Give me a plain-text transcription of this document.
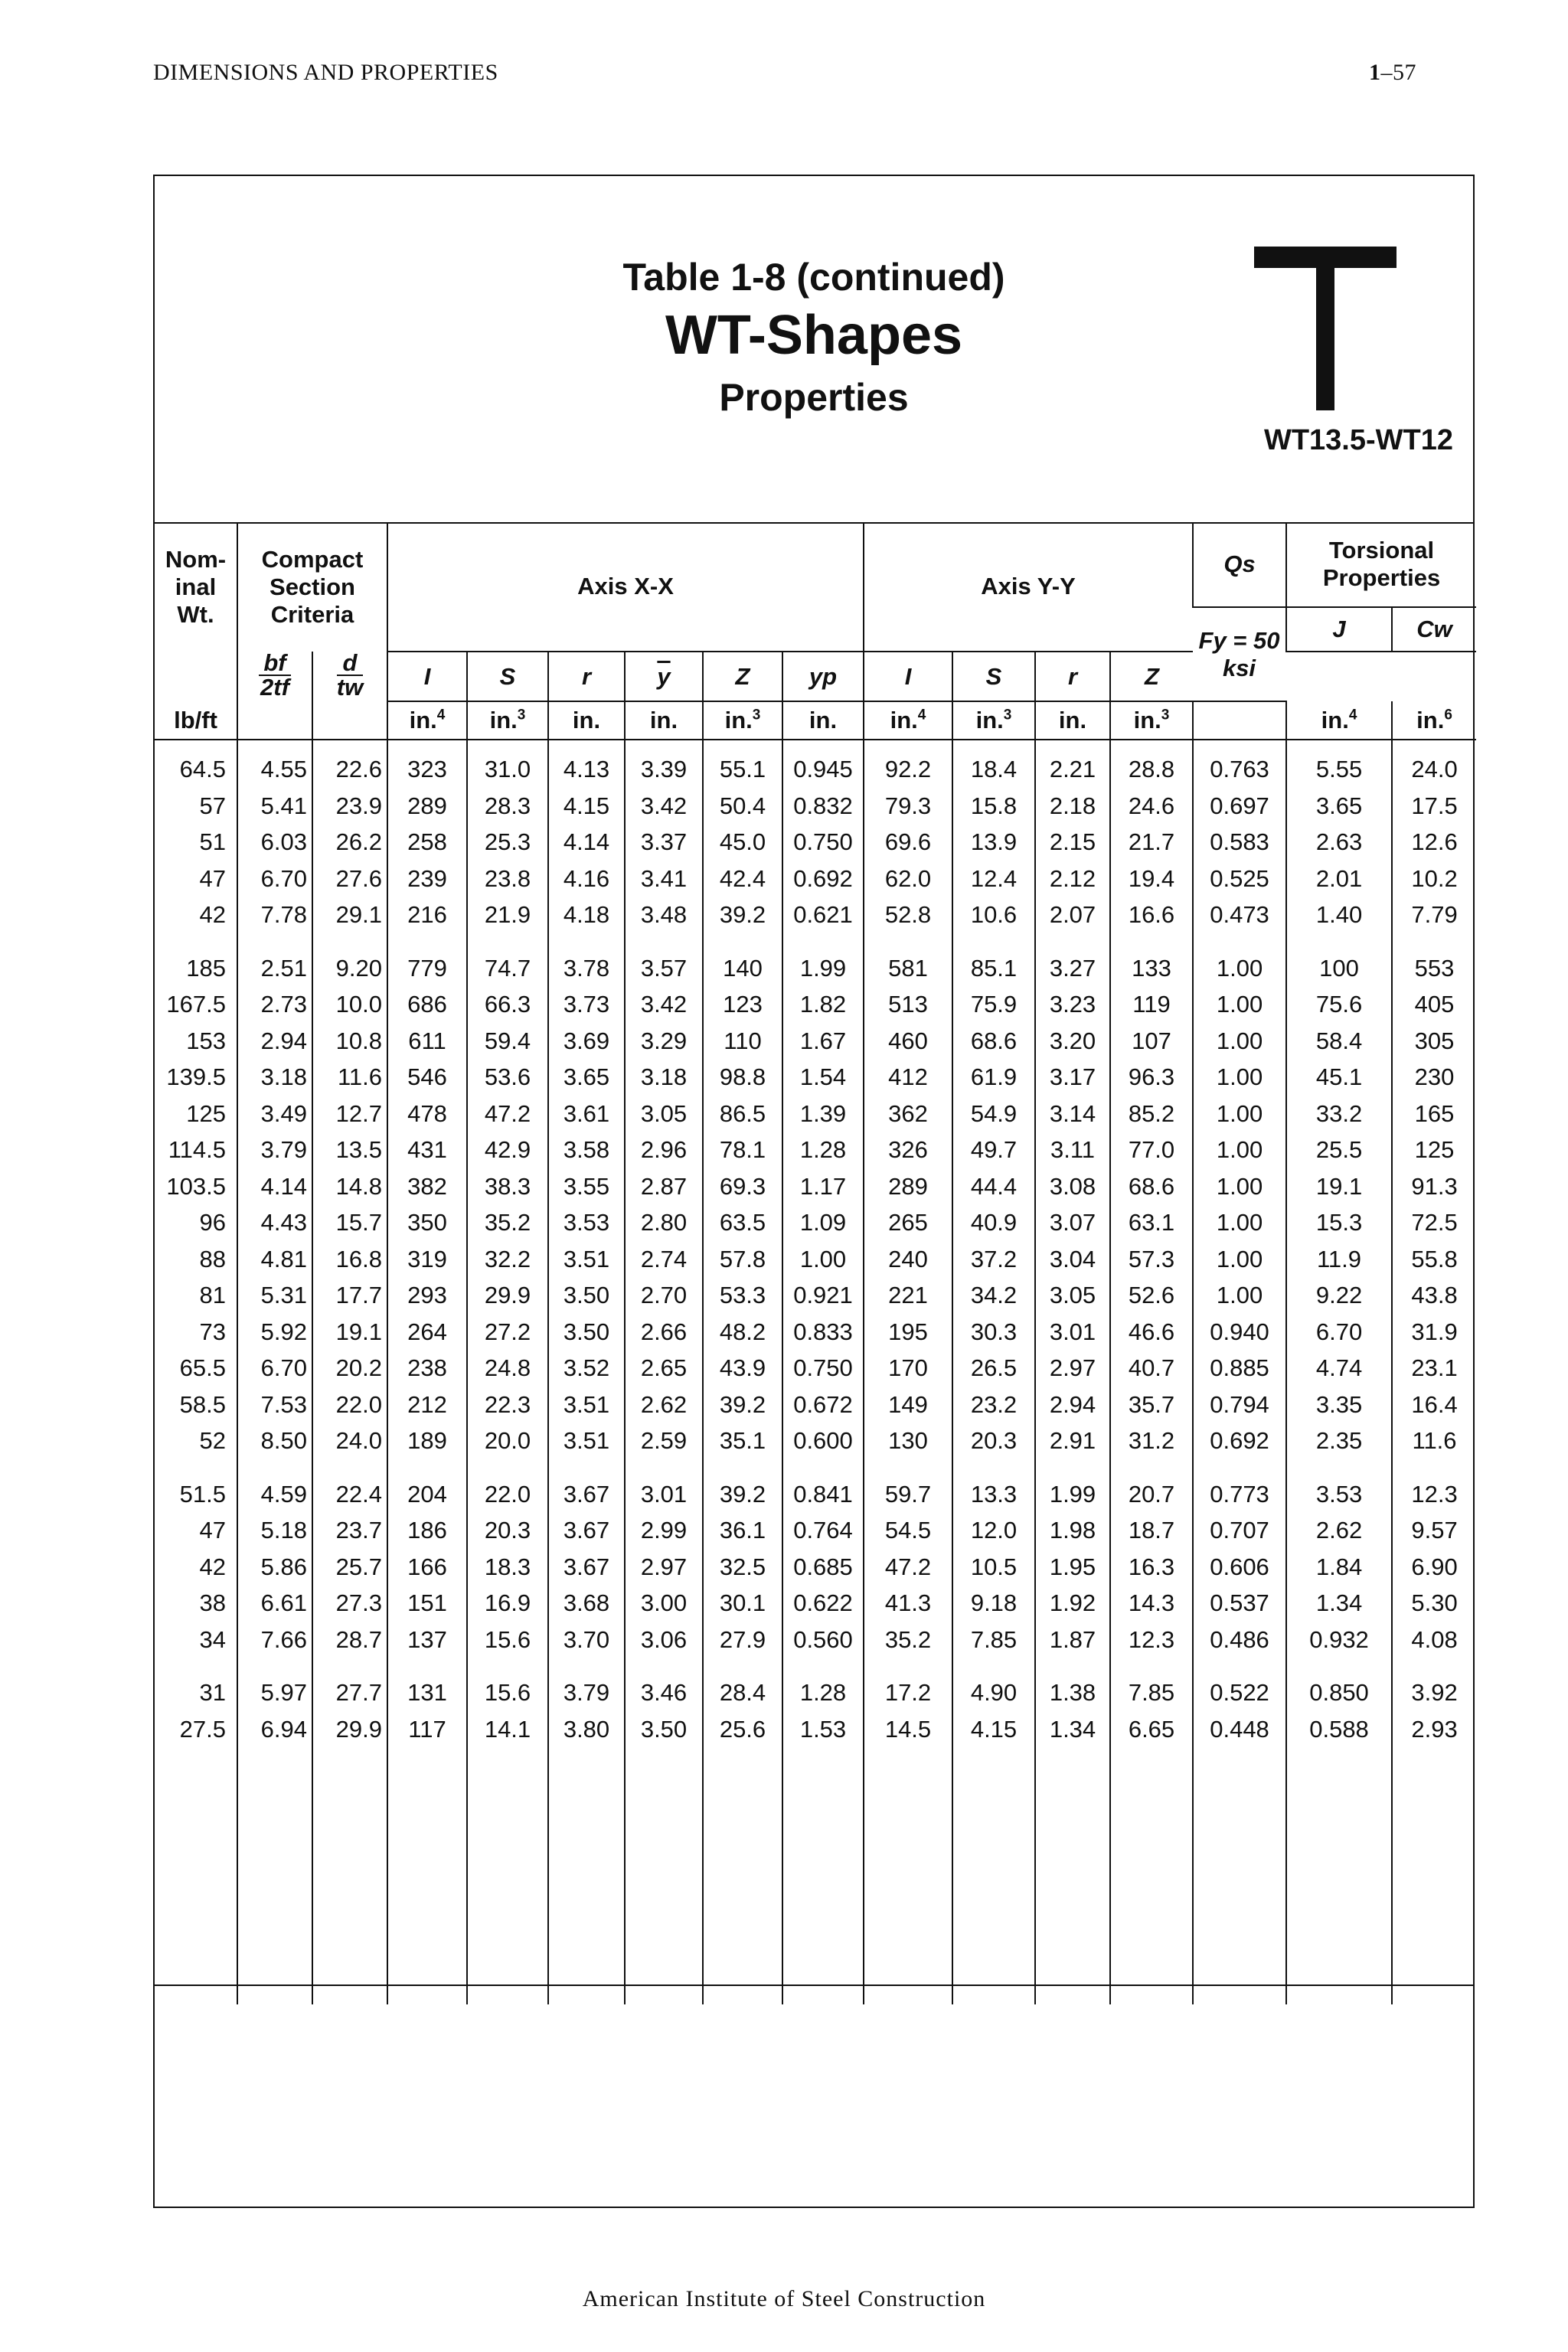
DIMENSIONS AND PROPERTIES	1–57
Table 1-8 (continued)
WT-Shapes
Properties
WT13.5-WT12
Nom-inal Wt.	Compact Section Criteria		Axis X-X						Axis Y-Y				Qs	Torsional Properties	
													Fy = 50 ksi	J	Cw

	$\frac{bf}{2tf}$	$\frac{d}{tw}$	I	S	r	$\overline{y}$	Z	yp	I	S	r	Z			
lb/ft			in.$^4$	in.$^3$	in.	in.	in.$^3$	in.	in.$^4$	in.$^3$	in.	in.$^3$		in.$^4$	in.$^6$

64.5	4.55	22.6	323	31.0	4.13	3.39	55.1	0.945	92.2	18.4	2.21	28.8	0.763	5.55	24.0
57	5.41	23.9	289	28.3	4.15	3.42	50.4	0.832	79.3	15.8	2.18	24.6	0.697	3.65	17.5
51	6.03	26.2	258	25.3	4.14	3.37	45.0	0.750	69.6	13.9	2.15	21.7	0.583	2.63	12.6
47	6.70	27.6	239	23.8	4.16	3.41	42.4	0.692	62.0	12.4	2.12	19.4	0.525	2.01	10.2
42	7.78	29.1	216	21.9	4.18	3.48	39.2	0.621	52.8	10.6	2.07	16.6	0.473	1.40	7.79

185	2.51	9.20	779	74.7	3.78	3.57	140	1.99	581	85.1	3.27	133	1.00	100	553
167.5	2.73	10.0	686	66.3	3.73	3.42	123	1.82	513	75.9	3.23	119	1.00	75.6	405
153	2.94	10.8	611	59.4	3.69	3.29	110	1.67	460	68.6	3.20	107	1.00	58.4	305
139.5	3.18	11.6	546	53.6	3.65	3.18	98.8	1.54	412	61.9	3.17	96.3	1.00	45.1	230
125	3.49	12.7	478	47.2	3.61	3.05	86.5	1.39	362	54.9	3.14	85.2	1.00	33.2	165
114.5	3.79	13.5	431	42.9	3.58	2.96	78.1	1.28	326	49.7	3.11	77.0	1.00	25.5	125
103.5	4.14	14.8	382	38.3	3.55	2.87	69.3	1.17	289	44.4	3.08	68.6	1.00	19.1	91.3
96	4.43	15.7	350	35.2	3.53	2.80	63.5	1.09	265	40.9	3.07	63.1	1.00	15.3	72.5
88	4.81	16.8	319	32.2	3.51	2.74	57.8	1.00	240	37.2	3.04	57.3	1.00	11.9	55.8
81	5.31	17.7	293	29.9	3.50	2.70	53.3	0.921	221	34.2	3.05	52.6	1.00	9.22	43.8
73	5.92	19.1	264	27.2	3.50	2.66	48.2	0.833	195	30.3	3.01	46.6	0.940	6.70	31.9
65.5	6.70	20.2	238	24.8	3.52	2.65	43.9	0.750	170	26.5	2.97	40.7	0.885	4.74	23.1
58.5	7.53	22.0	212	22.3	3.51	2.62	39.2	0.672	149	23.2	2.94	35.7	0.794	3.35	16.4
52	8.50	24.0	189	20.0	3.51	2.59	35.1	0.600	130	20.3	2.91	31.2	0.692	2.35	11.6

51.5	4.59	22.4	204	22.0	3.67	3.01	39.2	0.841	59.7	13.3	1.99	20.7	0.773	3.53	12.3
47	5.18	23.7	186	20.3	3.67	2.99	36.1	0.764	54.5	12.0	1.98	18.7	0.707	2.62	9.57
42	5.86	25.7	166	18.3	3.67	2.97	32.5	0.685	47.2	10.5	1.95	16.3	0.606	1.84	6.90
38	6.61	27.3	151	16.9	3.68	3.00	30.1	0.622	41.3	9.18	1.92	14.3	0.537	1.34	5.30
34	7.66	28.7	137	15.6	3.70	3.06	27.9	0.560	35.2	7.85	1.87	12.3	0.486	0.932	4.08

31	5.97	27.7	131	15.6	3.79	3.46	28.4	1.28	17.2	4.90	1.38	7.85	0.522	0.850	3.92
27.5	6.94	29.9	117	14.1	3.80	3.50	25.6	1.53	14.5	4.15	1.34	6.65	0.448	0.588	2.93

American Institute of Steel Construction
